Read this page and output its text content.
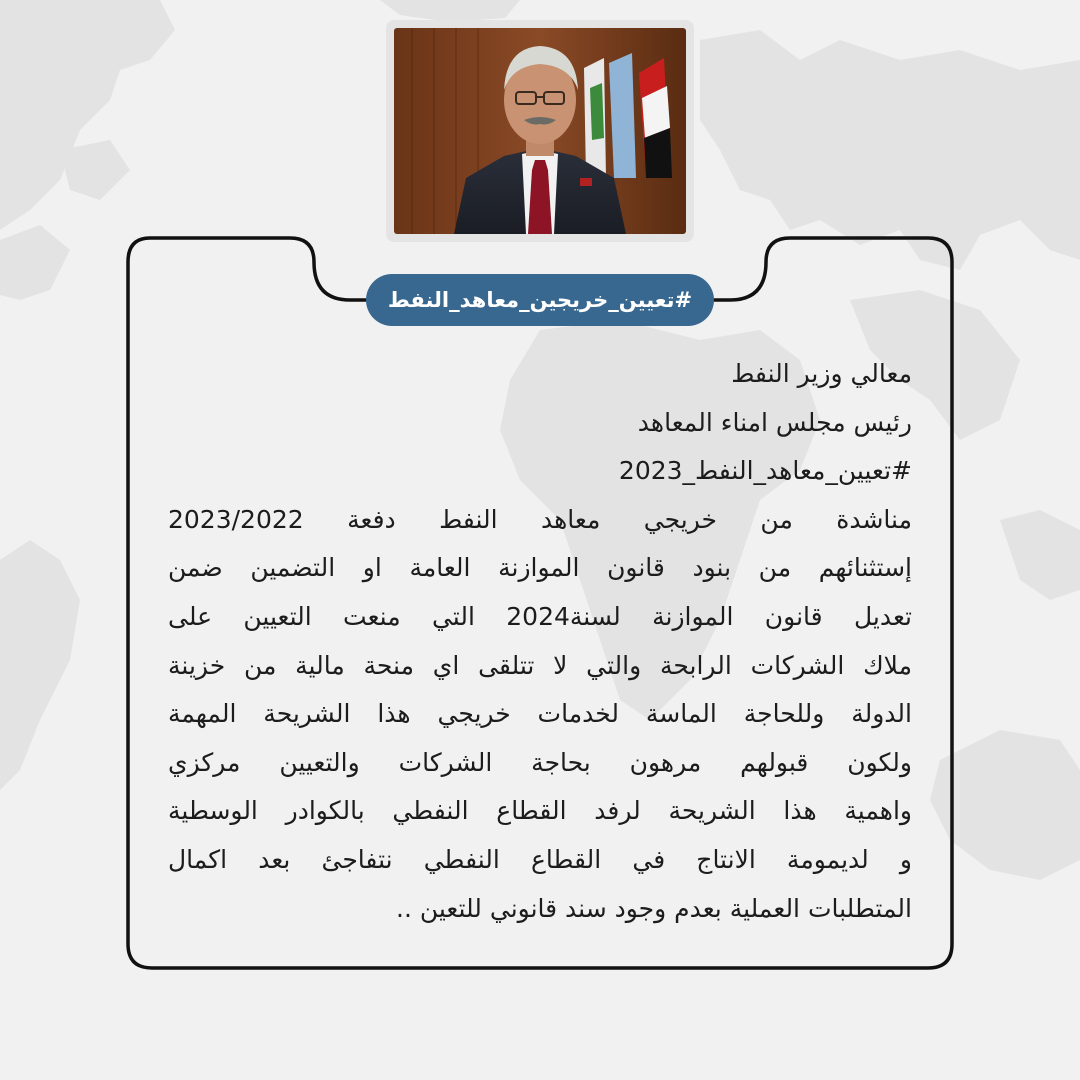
#تعيين_خريجين_معاهد_النفط
معالي وزير النفط
رئيس مجلس امناء المعاهد
#تعيين_معاهد_النفط_2023
مناشدة من خريجي معاهد النفط دفعة 2023/2022
إستثنائهم من بنود قانون الموازنة العامة او التضمين ضمن
تعديل قانون الموازنة لسنة2024 التي منعت التعيين على
ملاك الشركات الرابحة والتي لا تتلقى اي منحة مالية من خزينة
الدولة وللحاجة الماسة لخدمات خريجي هذا الشريحة المهمة
ولكون قبولهم مرهون بحاجة الشركات والتعيين مركزي
واهمية هذا الشريحة لرفد القطاع النفطي بالكوادر الوسطية
و لديمومة الانتاج في القطاع النفطي نتفاجئ بعد اكمال
المتطلبات العملية بعدم وجود سند قانوني للتعين ..
